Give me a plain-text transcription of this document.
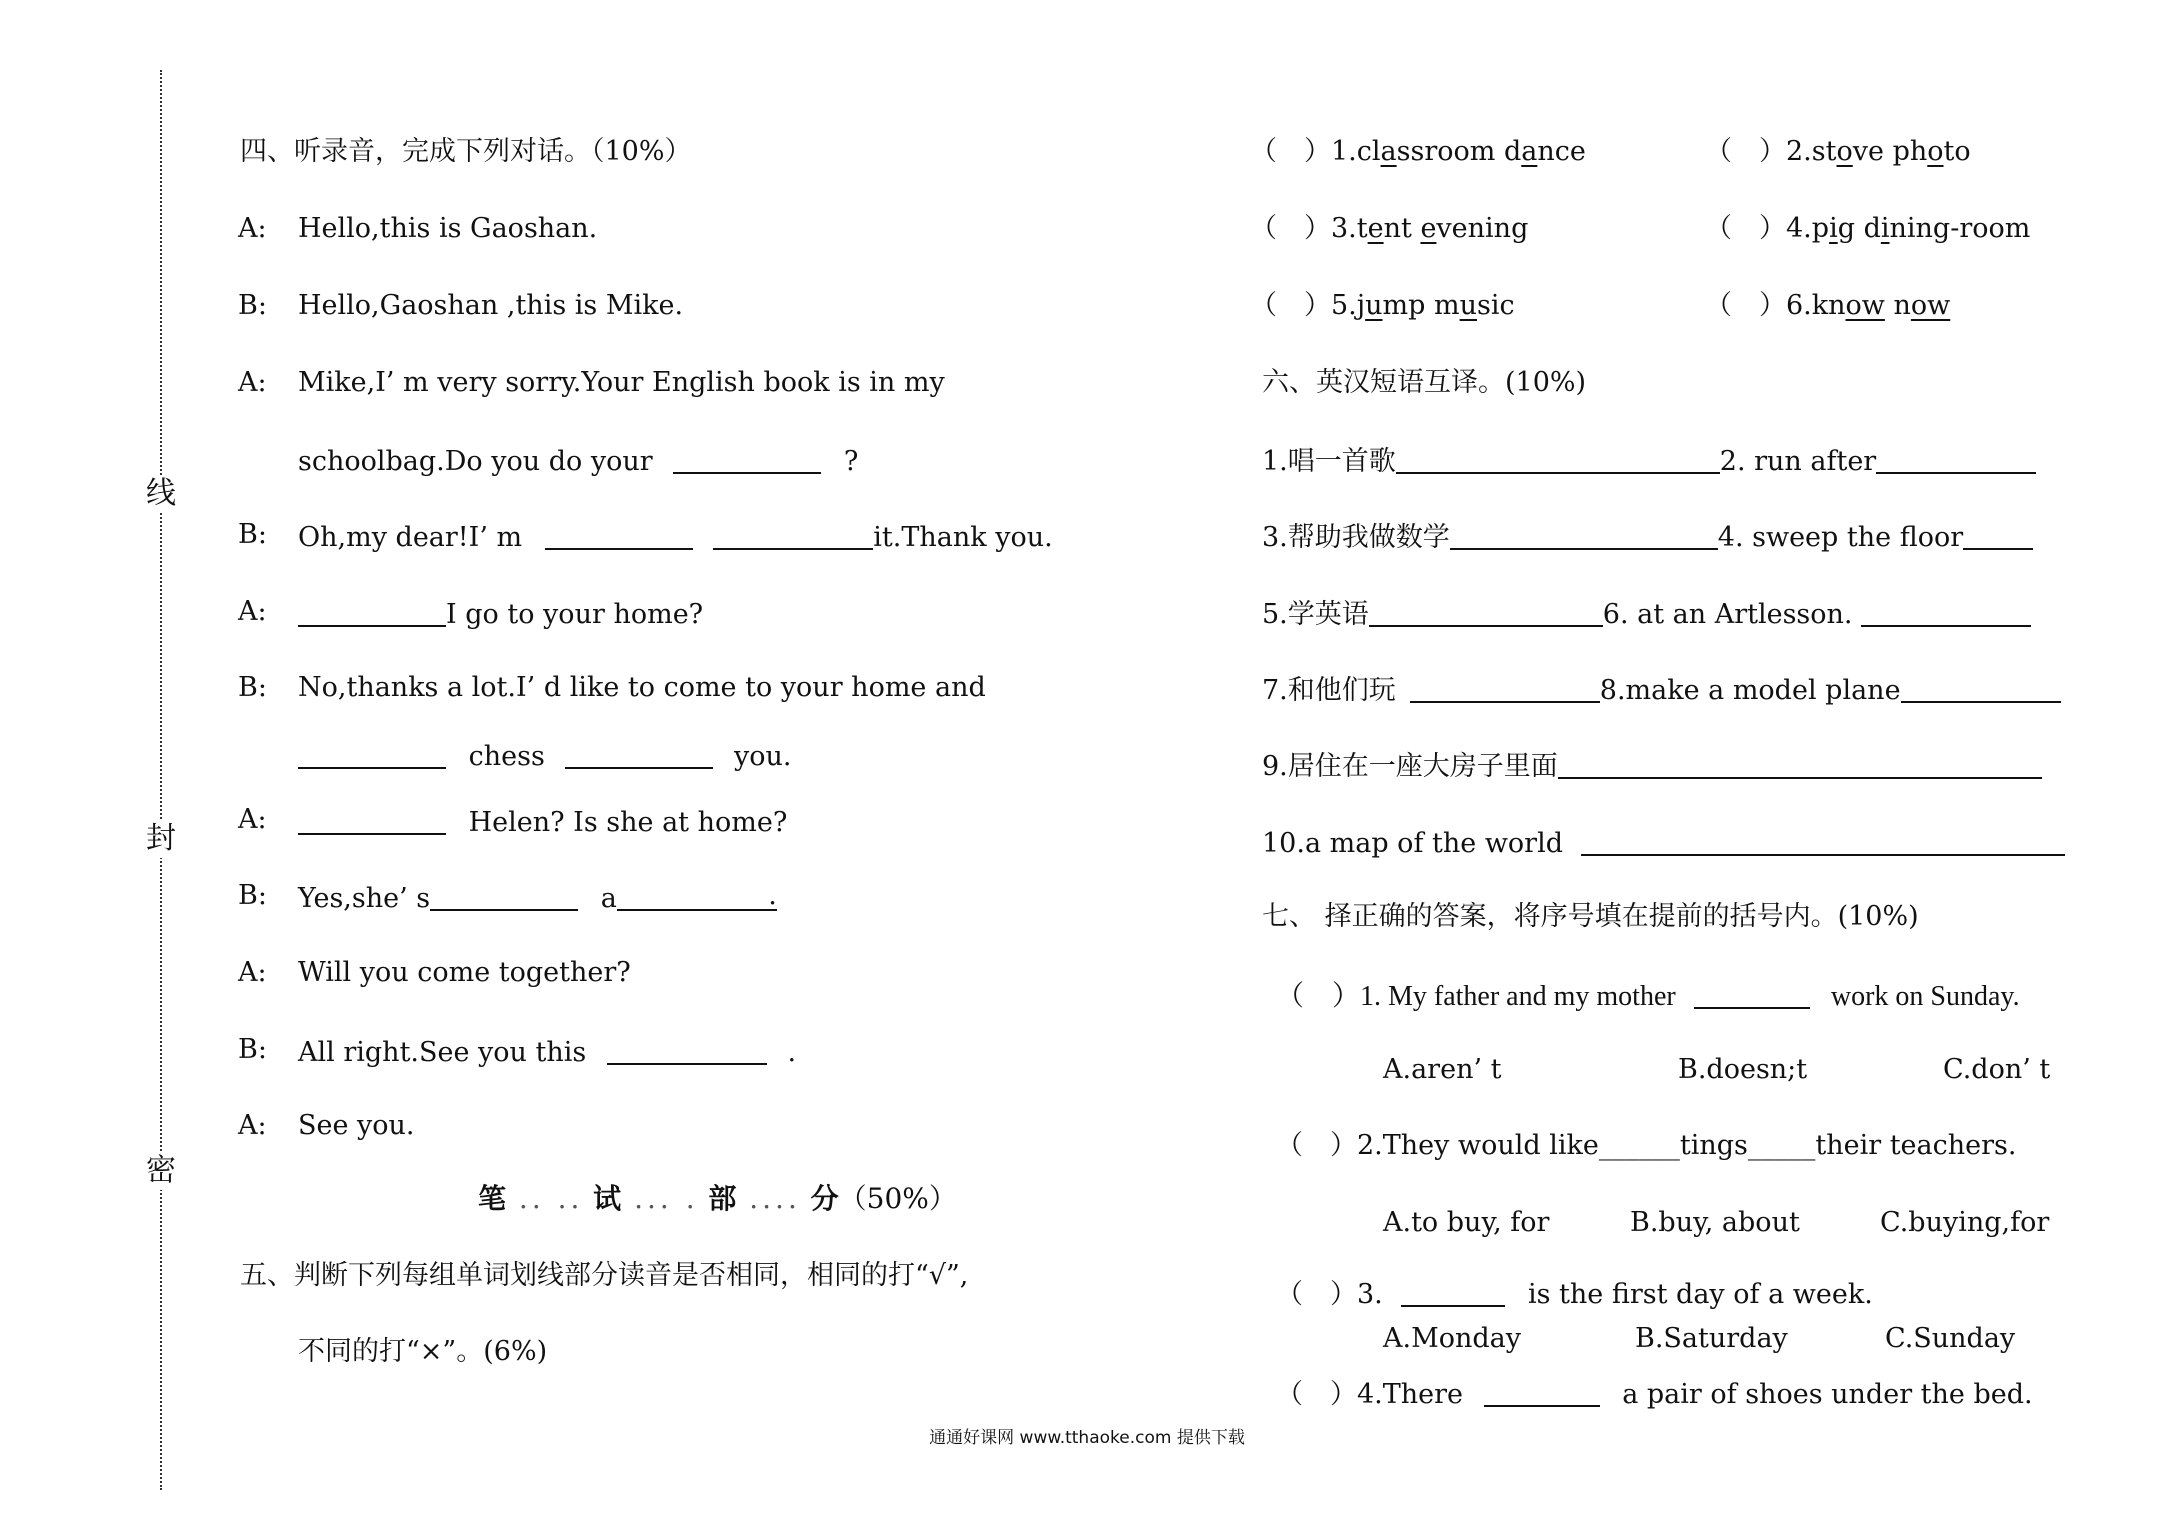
线
封
密
四、听录音，完成下列对话。（10%）
A: Hello,this is Gaoshan.
B: Hello,Gaoshan ,this is Mike.
A: Mike,I’ m very sorry.Your English book is in my
schoolbag.Do you do your	?
B: Oh,my dear!I’ m	it.Thank you.
A:	I go to your home?
B: No,thanks a lot.I’ d like to come to your home and
chess	you.
A:	Helen? Is she at home?
B: Yes,she’ s	a	.
A: Will you come together?
B: All right.See you this	.
A: See you.
笔 .. .. 试 ... . 部 .... 分（50%）
五、判断下列每组单词划线部分读音是否相同，相同的打“√”,
不同的打“×”。(6%)
（　）1.classroom dance	（　）2.stove photo
（　）3.tent evening	（　）4.pig dining-room
（　）5.jump music	（　）6.know now
六、英汉短语互译。(10%)
1.唱一首歌	2. run after
3.帮助我做数学	4. sweep the floor
5.学英语	6. at an Artlesson.
7.和他们玩	8.make a model plane
9.居住在一座大房子里面
10.a map of the world
七、 择正确的答案，将序号填在提前的括号内。(10%)
（　）1. My father and my mother	work on Sunday.
A.aren’ t	B.doesn;t	C.don’ t
（　）2.They would like______tings_____their teachers.
A.to buy, for	B.buy, about	C.buying,for
（　）3.	is the first day of a week.
A.Monday	B.Saturday	C.Sunday
（　）4.There	a pair of shoes under the bed.
通通好课网 www.tthaoke.com 提供下载
